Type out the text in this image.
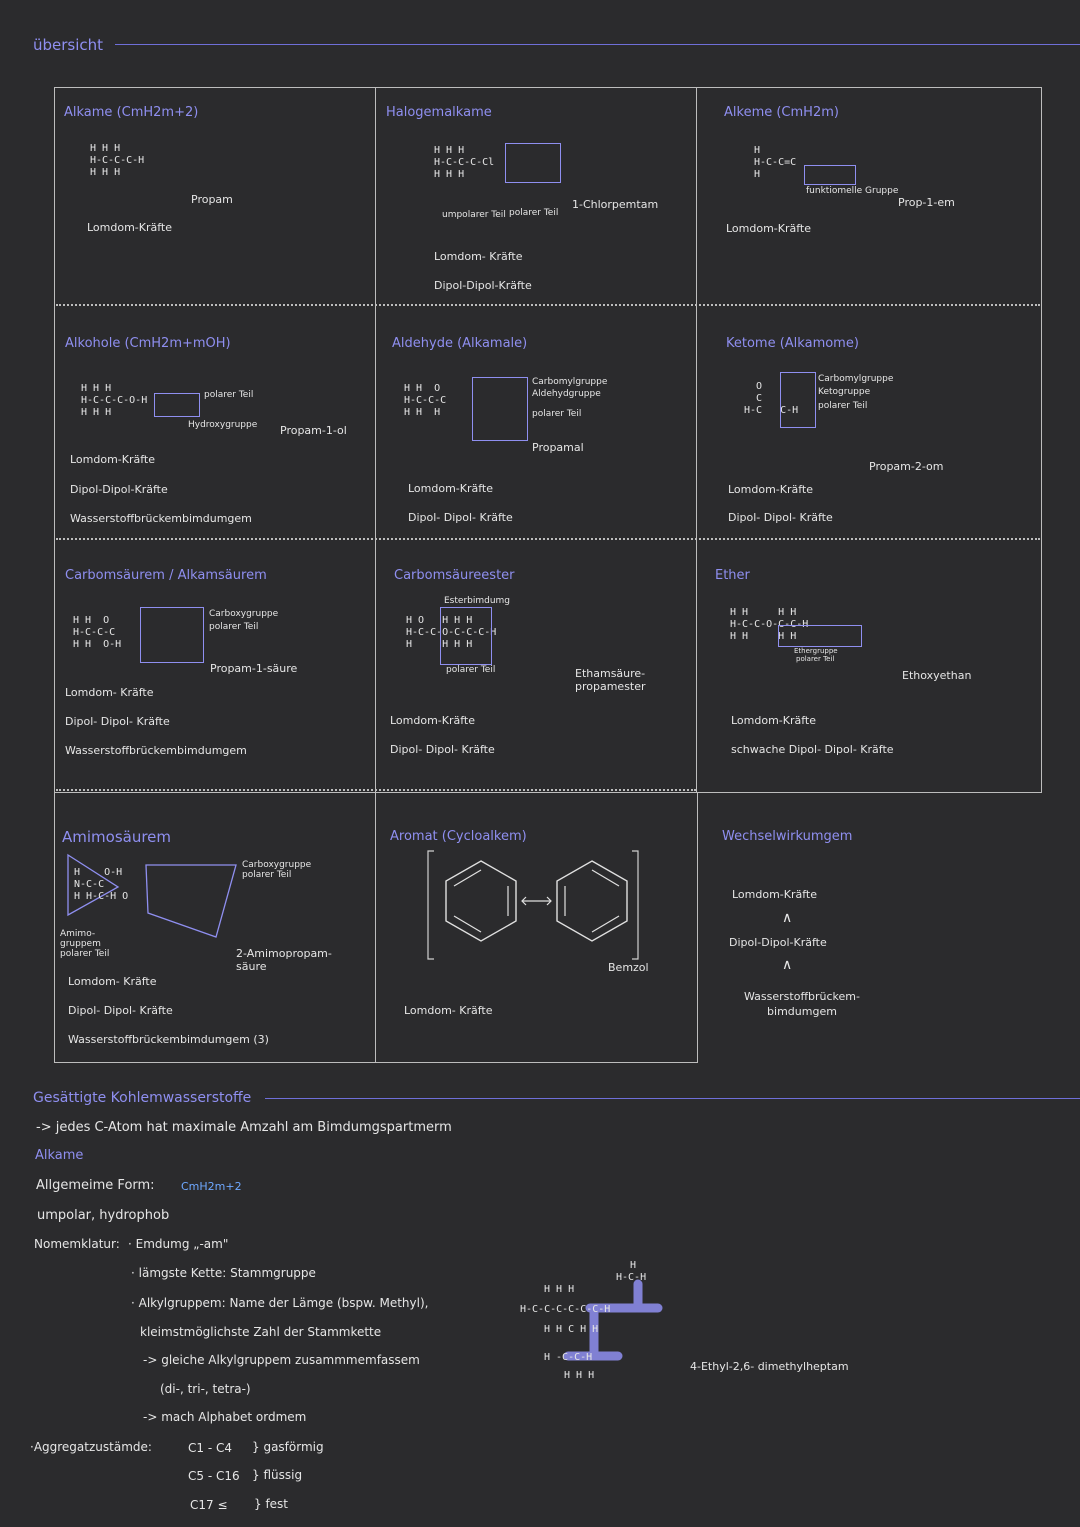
übersicht
Alkame (CmH2m+2)
H H H
H-C-C-C-H
H H H
Propam
Lomdom-Kräfte
Halogemalkame
H H H
H-C-C-C-Cl
H H H
umpolarer Teil polarer Teil
1-Chlorpemtam
Lomdom- Kräfte
Dipol-Dipol-Kräfte
Alkeme (CmH2m)
H
H-C-C=C
H
funktiomelle Gruppe
Prop-1-em
Lomdom-Kräfte
Alkohole (CmH2m+mOH)
H H H
H-C-C-C-O-H
H H H
polarer Teil
Hydroxygruppe Propam-1-ol
Lomdom-Kräfte
Dipol-Dipol-Kräfte
Wasserstoffbrückembimdumgem
Aldehyde (Alkamale)
H H  O
H-C-C-C
H H  H
Carbomylgruppe
Aldehydgruppe
polarer Teil
Propamal
Lomdom-Kräfte
Dipol- Dipol- Kräfte
Ketome (Alkamome)
O
C
H-C   C-H
Carbomylgruppe
Ketogruppe
polarer Teil
Propam-2-om
Lomdom-Kräfte
Dipol- Dipol- Kräfte
Carbomsäurem / Alkamsäurem
H H  O
H-C-C-C
H H  O-H
Carboxygruppe
polarer Teil
Propam-1-säure
Lomdom- Kräfte
Dipol- Dipol- Kräfte
Wasserstoffbrückembimdumgem
Carbomsäureester
Esterbimdumg
H O   H H H
H-C-C-O-C-C-C-H
H     H H H
polarer Teil	Ethamsäure-propamester
Lomdom-Kräfte
Dipol- Dipol- Kräfte
Ether
H H     H H
H-C-C-O-C-C-H
H H     H H
Ethergruppe
polarer Teil
Ethoxyethan
Lomdom-Kräfte
schwache Dipol- Dipol- Kräfte
Amimosäurem
H    O-H
N-C-C
H H-C-H O
Carboxygruppe polarer Teil
Amimo-gruppem polarer Teil	2-Amimopropam-säure
Lomdom- Kräfte
Dipol- Dipol- Kräfte
Wasserstoffbrückembimdumgem (3)
Aromat (Cycloalkem)
Bemzol
Lomdom- Kräfte
Wechselwirkumgem
Lomdom-Kräfte
∧
Dipol-Dipol-Kräfte
∧
Wasserstoffbrückem-bimdumgem
Gesättigte Kohlemwasserstoffe
-> jedes C-Atom hat maximale Amzahl am Bimdumgspartmerm
Alkame
Allgemeime Form: CmH2m+2
umpolar, hydrophob
Nomemklatur: · Emdumg „-am"
· lämgste Kette: Stammgruppe
· Alkylgruppem: Name der Lämge (bspw. Methyl),
kleimstmöglichste Zahl der Stammkette
-> gleiche Alkylgruppem zusammmemfassem
(di-, tri-, tetra-)
-> mach Alphabet ordmem
·Aggregatzustämde:	C1 - C4 } gasförmig
C5 - C16 } flüssig
C17 ≤ } fest
H H H
H-C-C-C-C-C-C-H
H H C H H
H-C-H
H
H -C-C-H
H H H
4-Ethyl-2,6- dimethylheptam
